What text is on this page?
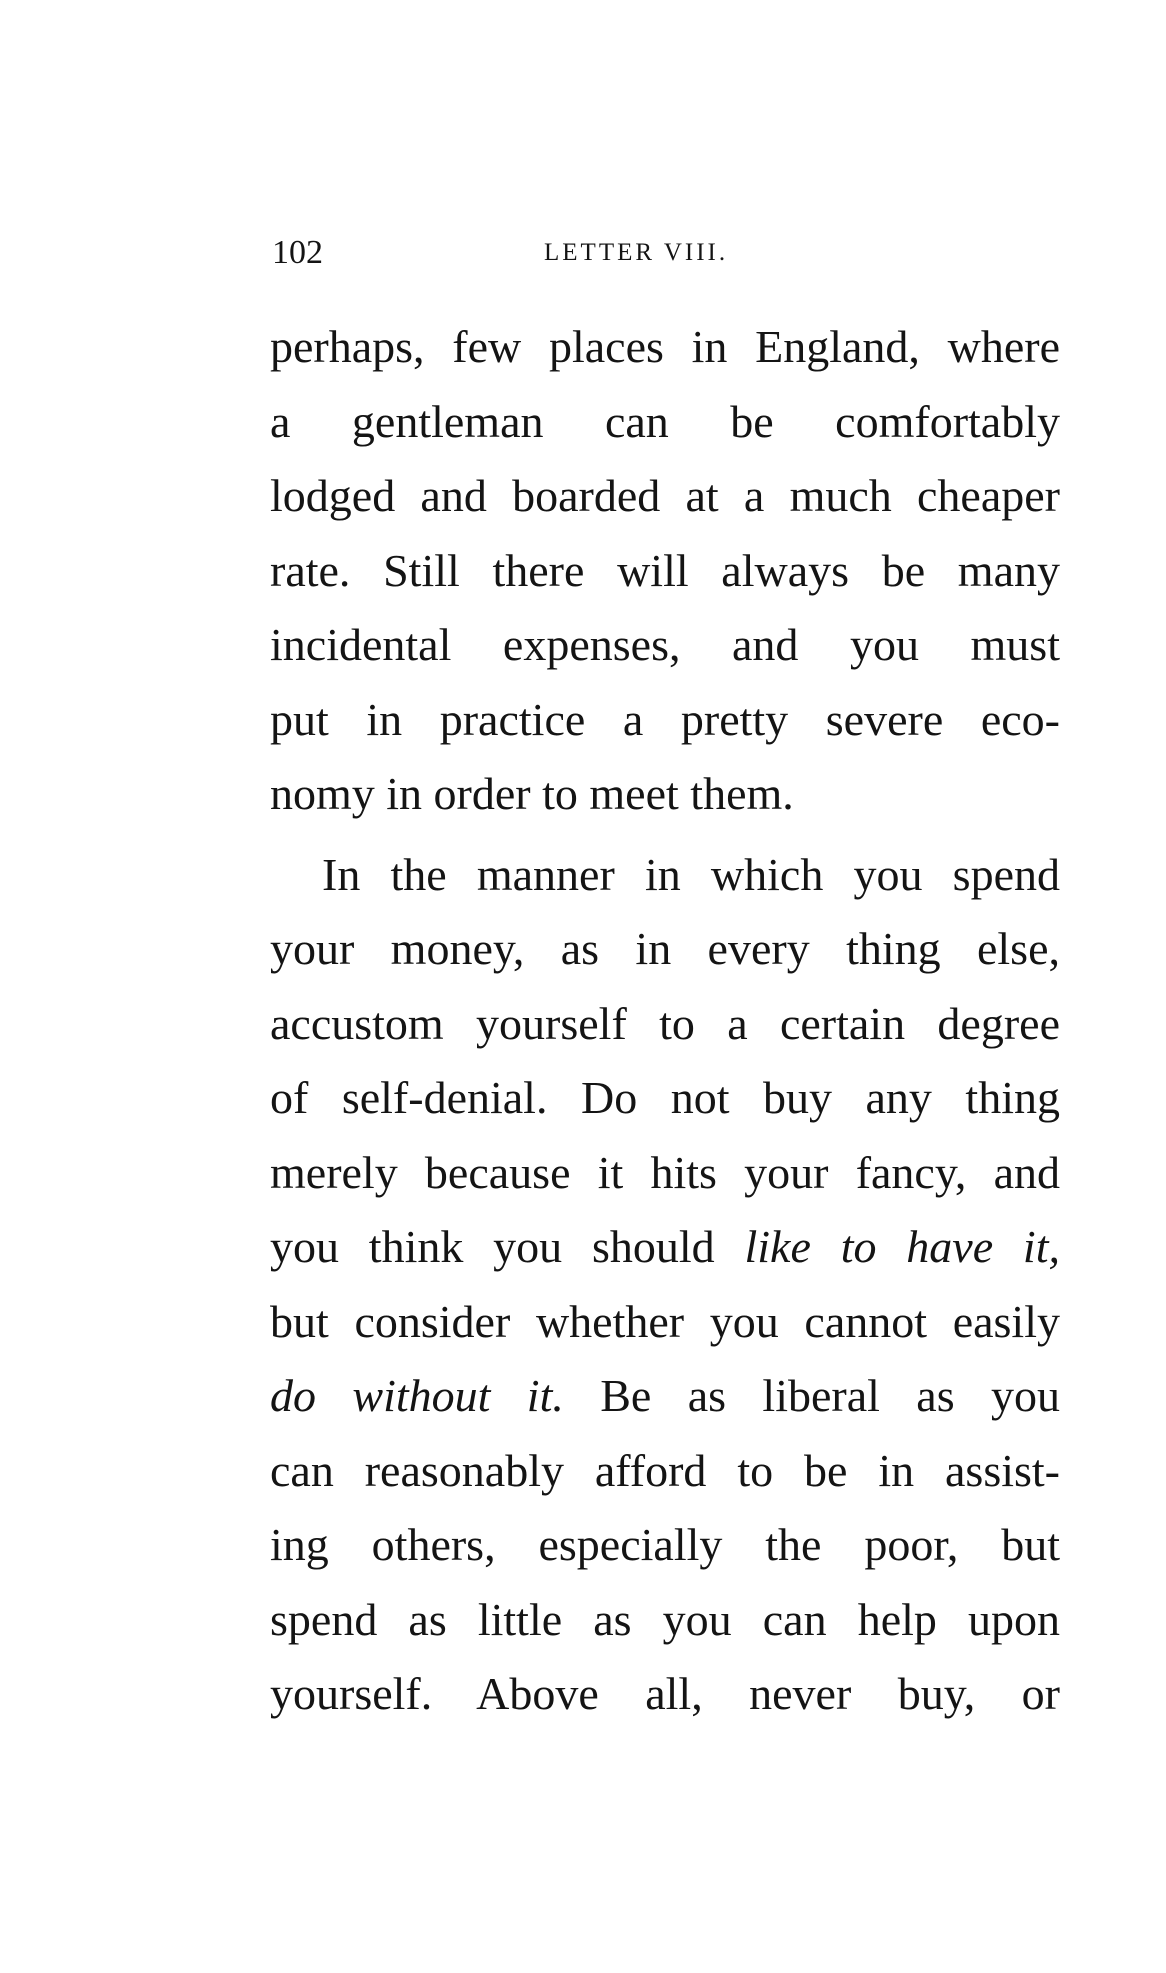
102	LETTER VIII.
perhaps, few places in England, where
a gentleman can be comfortably
lodged and boarded at a much cheaper
rate. Still there will always be many
incidental expenses, and you must
put in practice a pretty severe eco-
nomy in order to meet them.
In the manner in which you spend
your money, as in every thing else,
accustom yourself to a certain degree
of self-denial. Do not buy any thing
merely because it hits your fancy, and
you think you should like to have it,
but consider whether you cannot easily
do without it. Be as liberal as you
can reasonably afford to be in assist-
ing others, especially the poor, but
spend as little as you can help upon
yourself. Above all, never buy, or
